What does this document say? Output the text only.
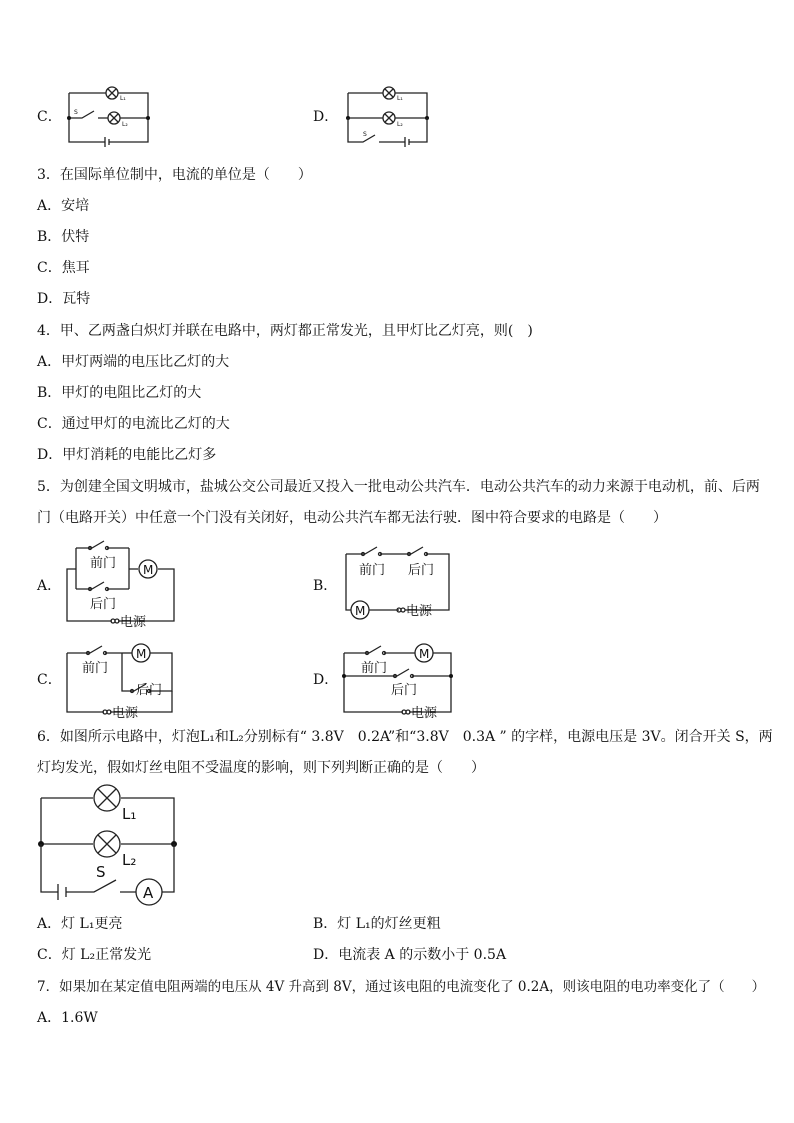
C．
L₁
S
L₂	D．
L₁
L₂
S
3．在国际单位制中，电流的单位是（　　）
A．安培
B．伏特
C．焦耳
D．瓦特
4．甲、乙两盏白炽灯并联在电路中，两灯都正常发光，且甲灯比乙灯亮，则(　)
A．甲灯两端的电压比乙灯的大
B．甲灯的电阻比乙灯的大
C．通过甲灯的电流比乙灯的大
D．甲灯消耗的电能比乙灯多
5．为创建全国文明城市，盐城公交公司最近又投入一批电动公共汽车．电动公共汽车的动力来源于电动机，前、后两
门（电路开关）中任意一个门没有关闭好，电动公共汽车都无法行驶．图中符合要求的电路是（　　）
A．
电源
前门
后门
M
B．
前门 后门
M	电源
C．
M
前门
后门
电源
D．
M
前门
后门
电源
6．如图所示电路中，灯泡L₁和L₂分别标有“ 3.8V　0.2A”和“3.8V　0.3A ” 的字样，电源电压是 3V。闭合开关 S，两
灯均发光，假如灯丝电阻不受温度的影响，则下列判断正确的是（　　）
L₁
L₂
S
A
A．灯 L₁更亮	B．灯 L₁的灯丝更粗
C．灯 L₂正常发光	D．电流表 A 的示数小于 0.5A
7．如果加在某定值电阻两端的电压从 4V 升高到 8V，通过该电阻的电流变化了 0.2A，则该电阻的电功率变化了（　　）
A．1.6W
